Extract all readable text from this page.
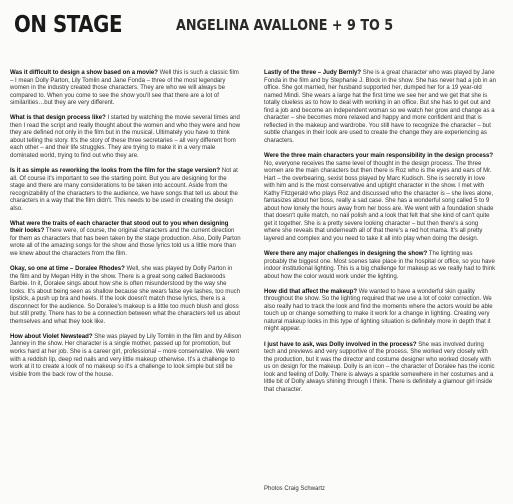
ON STAGE	ANGELINA AVALLONE + 9 TO 5

Was it difficult to design a show based on a movie? Well this is such a classic film – I mean Dolly Parton, Lily Tomlin and Jane Fonda – three of the most legendary women in the industry created those characters. They are who we will always be compared to. When you come to see the show you'll see that there are a lot of similarities…but they are very different.

What is that design process like? I started by watching the movie several times and then I read the script and really thought about the women and who they were and how they are defined not only in the film but in the musical. Ultimately you have to think about telling the story. It's the story of these three secretaries – all very different from each other – and their life struggles. They are trying to make it in a very male dominated world, trying to find out who they are.

Is it as simple as reworking the looks from the film for the stage version? Not at all. Of course it's important to see the starting point. But you are designing for the stage and there are many considerations to be taken into account. Aside from the recognizability of the characters to the audience, we have songs that tell us about the characters in a way that the film didn't. This needs to be used in creating the design also.

What were the traits of each character that stood out to you when designing their looks? There were, of course, the original characters and the current direction for them as characters that has been taken by the stage production. Also, Dolly Parton wrote all of the amazing songs for the show and those lyrics told us a little more than we knew about the characters from the film.

Okay, so one at time – Doralee Rhodes? Well, she was played by Dolly Parton in the film and by Megan Hilty in the show. There is a great song called Backwoods Barbie. In it, Doralee sings about how she is often misunderstood by the way she looks. It's about being seen as shallow because she wears false eye lashes, too much lipstick, a push up bra and heels. If the look doesn't match those lyrics, there is a disconnect for the audience. So Doralee's makeup is a little too much blush and gloss but still pretty. There has to be a connection between what the characters tell us about themselves and what they look like.

How about Violet Newstead? She was played by Lily Tomlin in the film and by Allison Janney in the show. Her character is a single mother, passed up for promotion, but works hard at her job. She is a career girl, professional – more conservative. We went with a reddish lip, deep red nails and very little makeup otherwise. It's a challenge to work at it to create a look of no makeup so it's a challenge to look simple but still be visible from the back row of the house.

Lastly of the three – Judy Bernly? She is a great character who was played by Jane Fonda in the film and by Stephanie J. Block in the show. She has never had a job in an office. She got married, her husband supported her, dumped her for a 19 year-old named Mindi. She wears a large hat the first time we see her and we get that she is totally clueless as to how to deal with working in an office. But she has to get out and find a job and become an independent woman so we watch her grow and change as a character – she becomes more relaxed and happy and more confident and that is reflected in the makeup and wardrobe. You still have to recognize the character – but subtle changes in their look are used to create the change they are experiencing as characters.

Were the three main characters your main responsibility in the design process? No, everyone receives the same level of thought in the design process. The three women are the main characters but then there is Roz who is the eyes and ears of Mr. Hart – the overbearing, sexist boss played by Marc Kudisch. She is secretly in love with him and is the most conservative and uptight character in the show. I met with Kathy Fitzgerald who plays Roz and discussed who the character is – she lives alone, fantasizes about her boss, really a sad case. She has a wonderful song called 5 to 9 about how lonely the hours away from her boss are. We went with a foundation shade that doesn't quite match, no nail polish and a look that felt that she kind of can't quite get it together. She is a pretty severe looking character – but then there's a song where she reveals that underneath all of that there's a red hot mama. It's all pretty layered and complex and you need to take it all into play when doing the design.

Were there any major challenges in designing the show? The lighting was probably the biggest one. Most scenes take place in the hospital or office, so you have indoor institutional lighting. This is a big challenge for makeup as we really had to think about how the color would work under the lighting.

How did that affect the makeup? We wanted to have a wonderful skin quality throughout the show. So the lighting required that we use a lot of color correction. We also really had to track the look and find the moments where the actors would be able touch up or change something to make it work for a change in lighting. Creating very natural makeup looks in this type of lighting situation is definitely more in depth that it might appear.

I just have to ask, was Dolly involved in the process? She was involved during tech and previews and very supportive of the process. She worked very closely with the production, but it was the director and costume designer who worked closely with us on design for the makeup. Dolly is an icon – the character of Doralee has the iconic look and feeling of Dolly. There is always a sparkle somewhere in her costumes and a little bit of Dolly always shining through I think. There is definitely a glamour girl inside that character.

Photos Craig Schwartz
